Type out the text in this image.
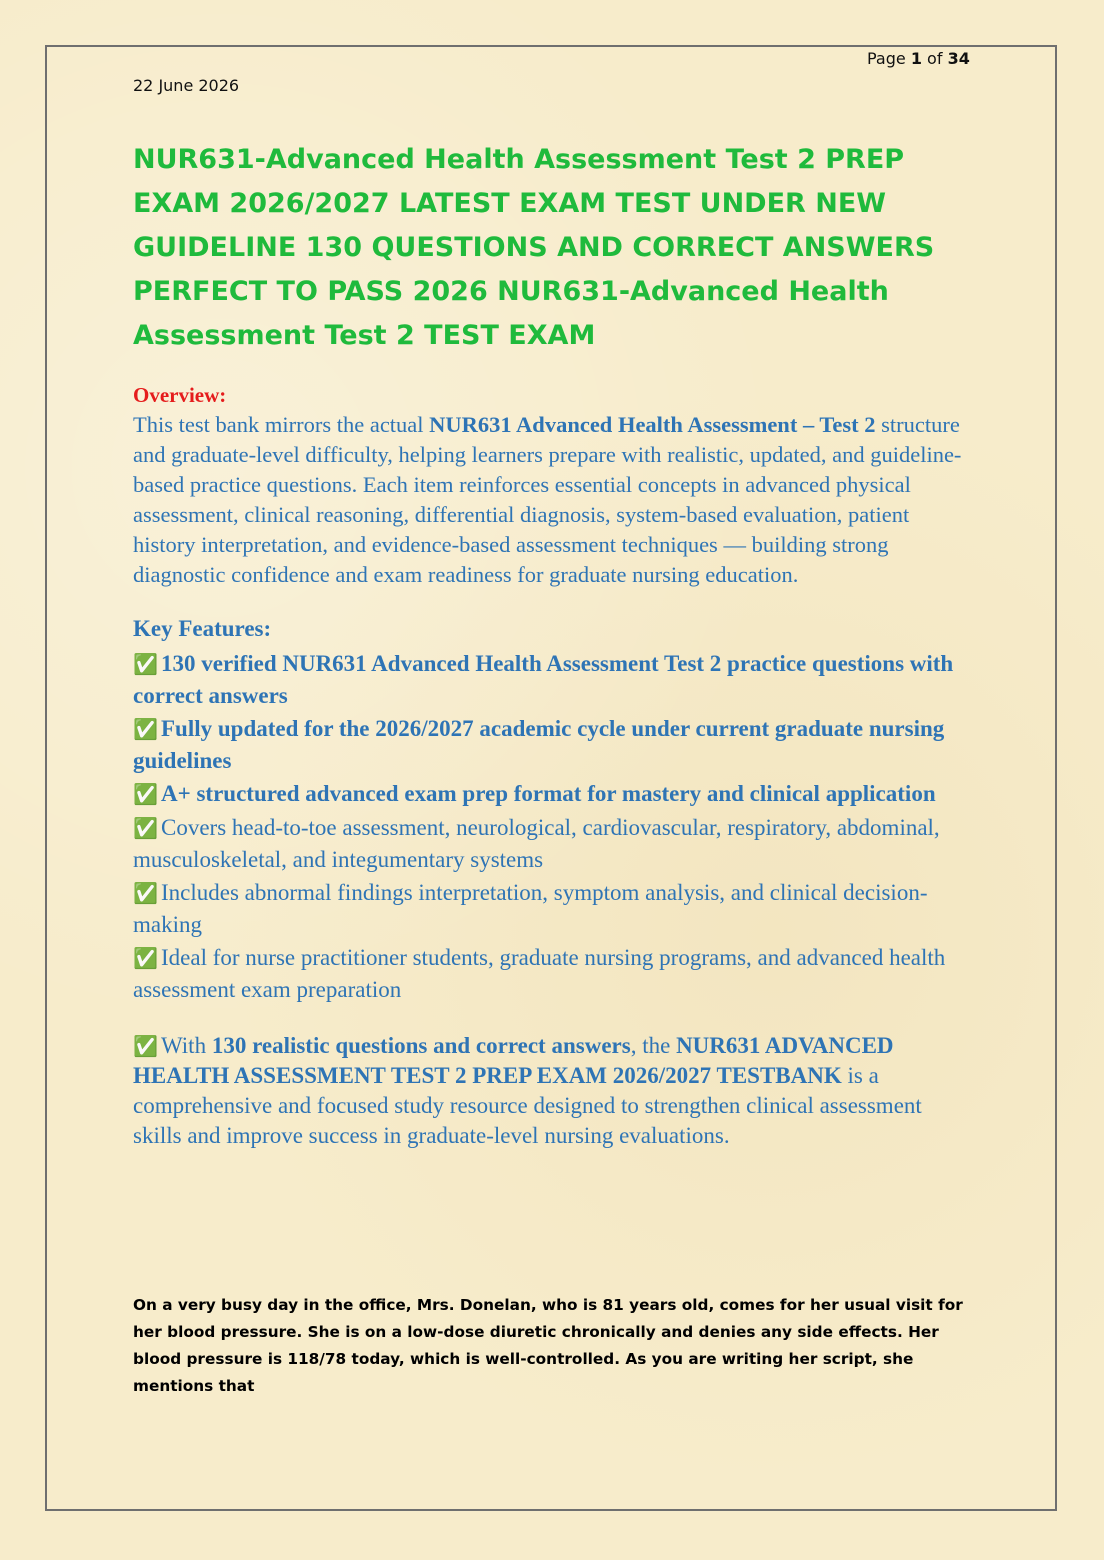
Page 1 of 34
22 June 2026
NUR631-Advanced Health Assessment Test 2 PREP EXAM 2026/2027 LATEST EXAM TEST UNDER NEW GUIDELINE 130 QUESTIONS AND CORRECT ANSWERS PERFECT TO PASS 2026 NUR631-Advanced Health Assessment Test 2 TEST EXAM

Overview:

This test bank mirrors the actual NUR631 Advanced Health Assessment – Test 2 structure and graduate-level difficulty, helping learners prepare with realistic, updated, and guideline-based practice questions. Each item reinforces essential concepts in advanced physical assessment, clinical reasoning, differential diagnosis, system-based evaluation, patient history interpretation, and evidence-based assessment techniques — building strong diagnostic confidence and exam readiness for graduate nursing education.

Key Features:

✅ 130 verified NUR631 Advanced Health Assessment Test 2 practice questions with correct answers

✅ Fully updated for the 2026/2027 academic cycle under current graduate nursing guidelines

✅ A+ structured advanced exam prep format for mastery and clinical application

✅ Covers head-to-toe assessment, neurological, cardiovascular, respiratory, abdominal, musculoskeletal, and integumentary systems

✅ Includes abnormal findings interpretation, symptom analysis, and clinical decision-making

✅ Ideal for nurse practitioner students, graduate nursing programs, and advanced health assessment exam preparation

✅ With 130 realistic questions and correct answers, the NUR631 ADVANCED HEALTH ASSESSMENT TEST 2 PREP EXAM 2026/2027 TESTBANK is a comprehensive and focused study resource designed to strengthen clinical assessment skills and improve success in graduate-level nursing evaluations.

On a very busy day in the office, Mrs. Donelan, who is 81 years old, comes for her usual visit for her blood pressure. She is on a low-dose diuretic chronically and denies any side effects. Her blood pressure is 118/78 today, which is well-controlled. As you are writing her script, she mentions that
